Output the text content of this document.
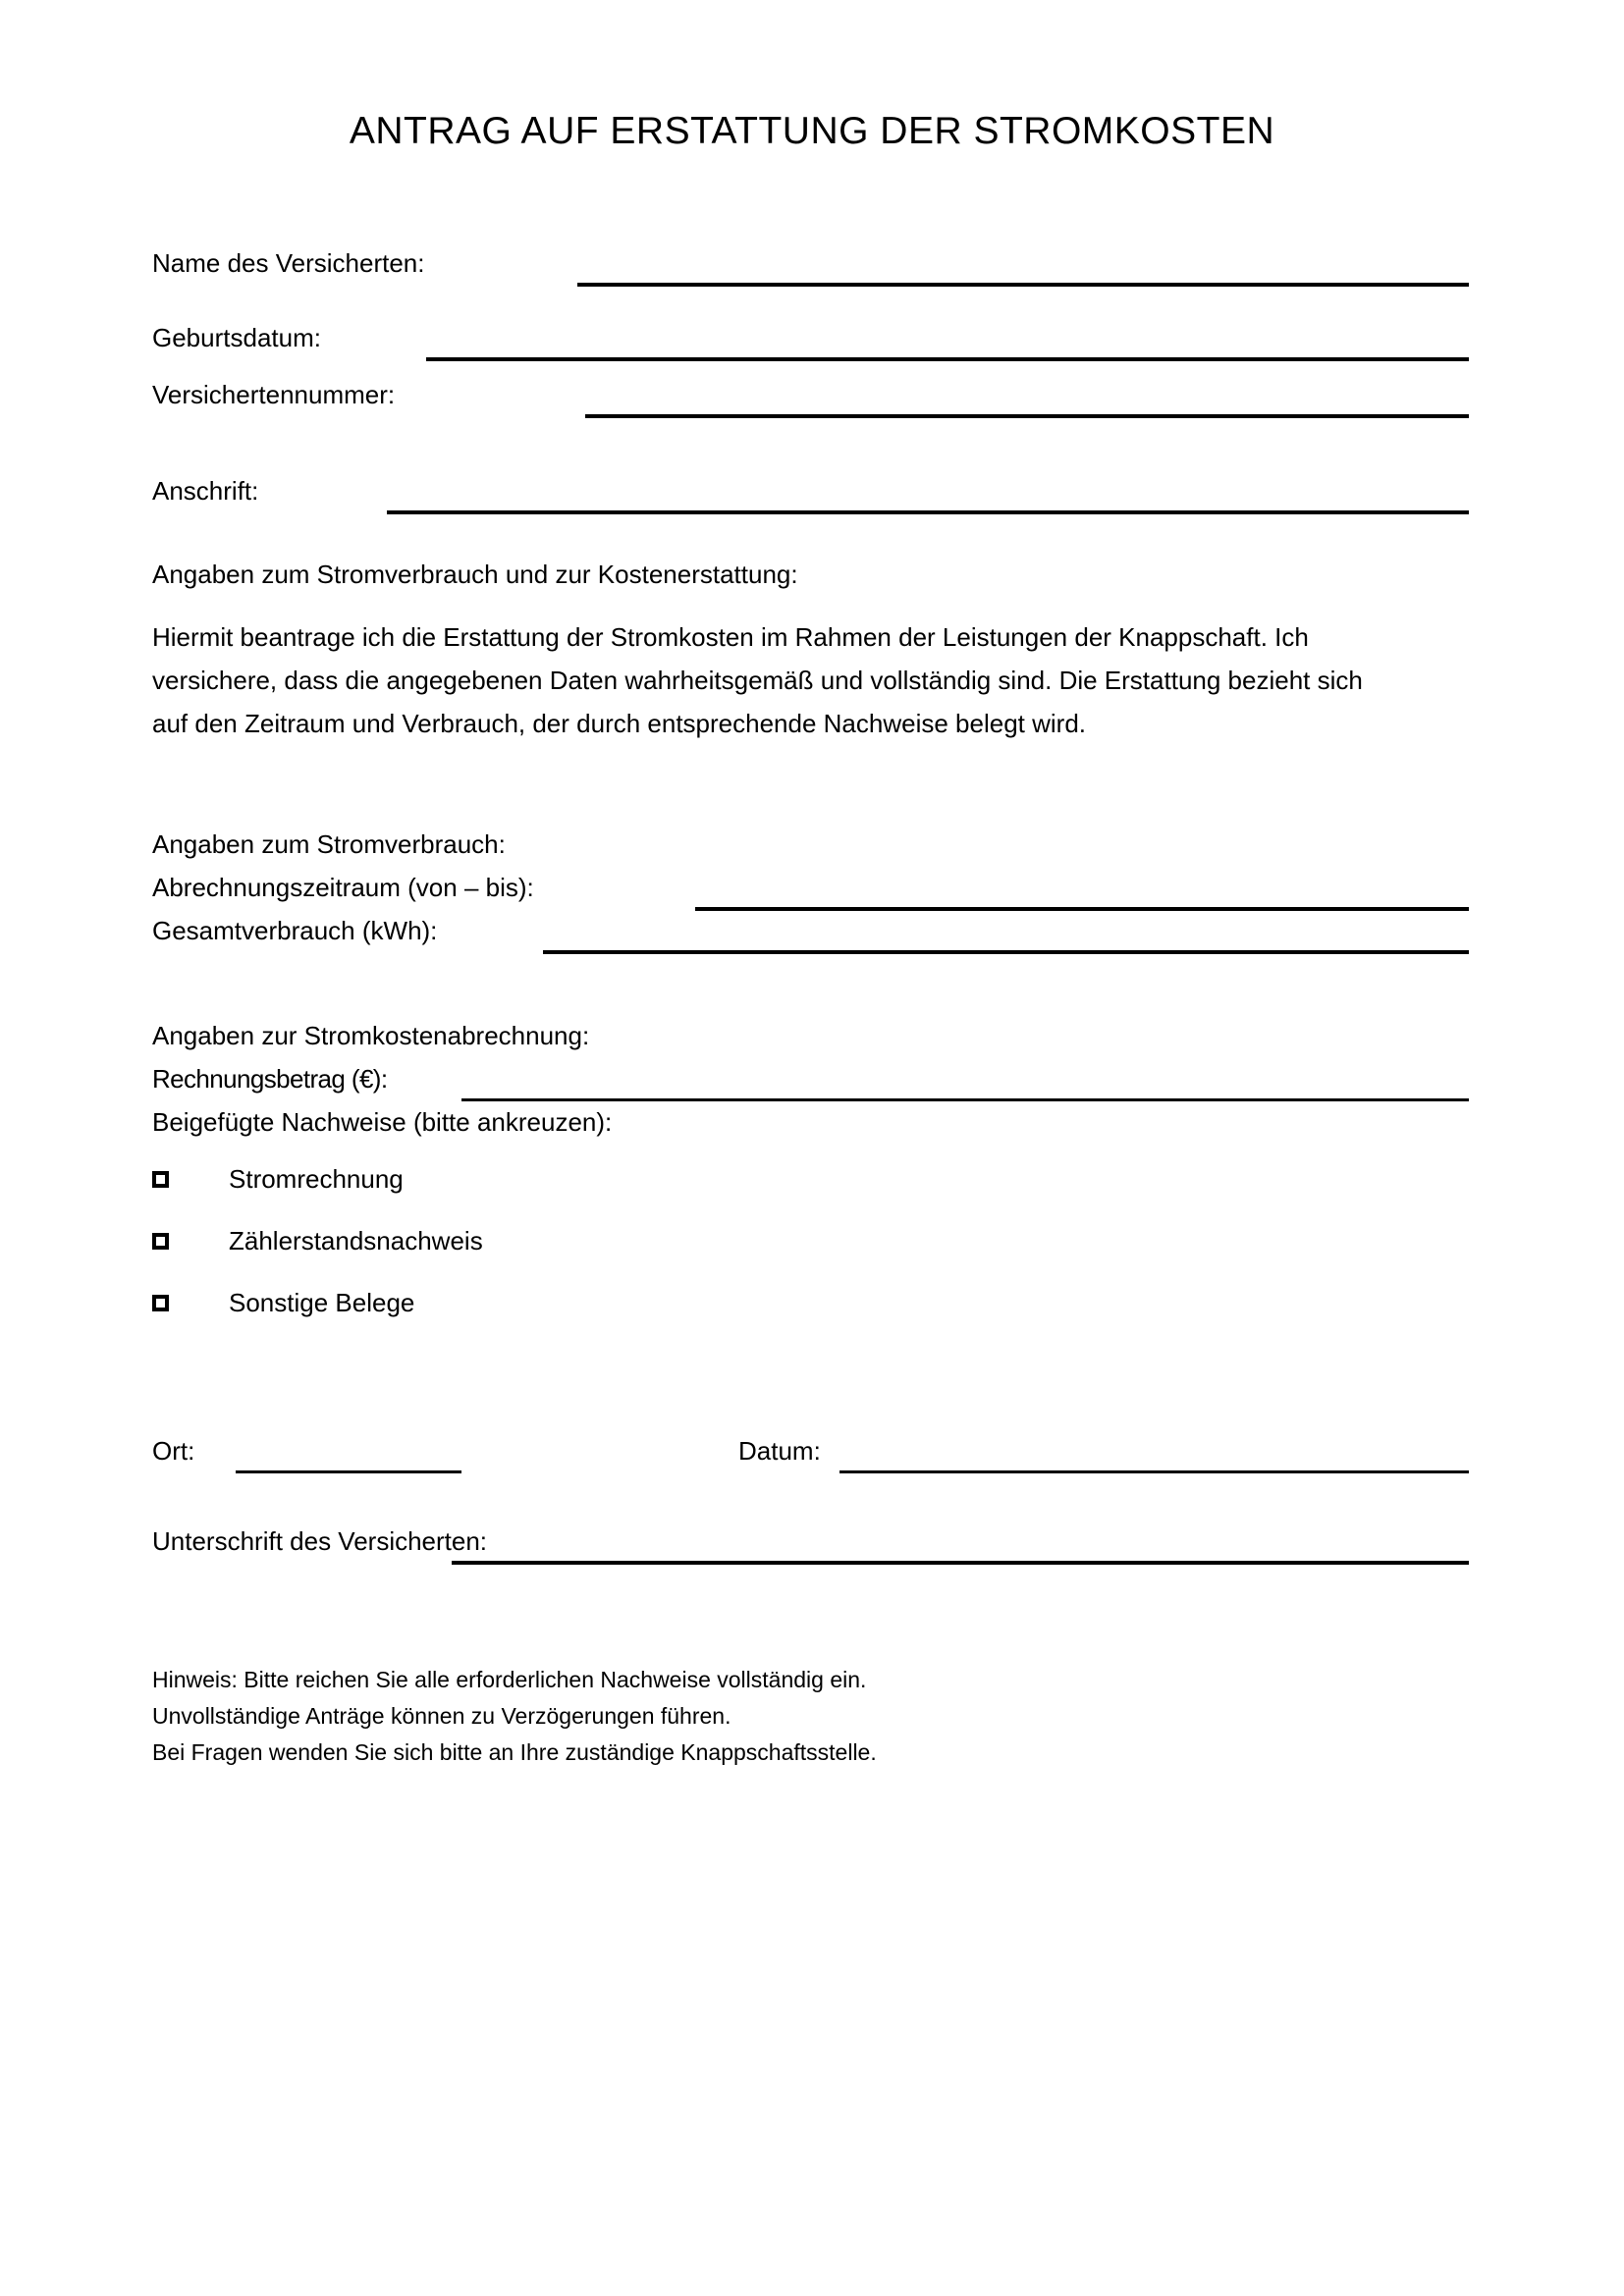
ANTRAG AUF ERSTATTUNG DER STROMKOSTEN
Name des Versicherten:
Geburtsdatum:
Versichertennummer:
Anschrift:
Angaben zum Stromverbrauch und zur Kostenerstattung:
Hiermit beantrage ich die Erstattung der Stromkosten im Rahmen der Leistungen der Knappschaft. Ich
versichere, dass die angegebenen Daten wahrheitsgemäß und vollständig sind. Die Erstattung bezieht sich
auf den Zeitraum und Verbrauch, der durch entsprechende Nachweise belegt wird.
Angaben zum Stromverbrauch:
Abrechnungszeitraum (von – bis):
Gesamtverbrauch (kWh):
Angaben zur Stromkostenabrechnung:
Rechnungsbetrag (€):
Beigefügte Nachweise (bitte ankreuzen):
Stromrechnung
Zählerstandsnachweis
Sonstige Belege
Ort:	Datum:
Unterschrift des Versicherten:
Hinweis: Bitte reichen Sie alle erforderlichen Nachweise vollständig ein.
Unvollständige Anträge können zu Verzögerungen führen.
Bei Fragen wenden Sie sich bitte an Ihre zuständige Knappschaftsstelle.
